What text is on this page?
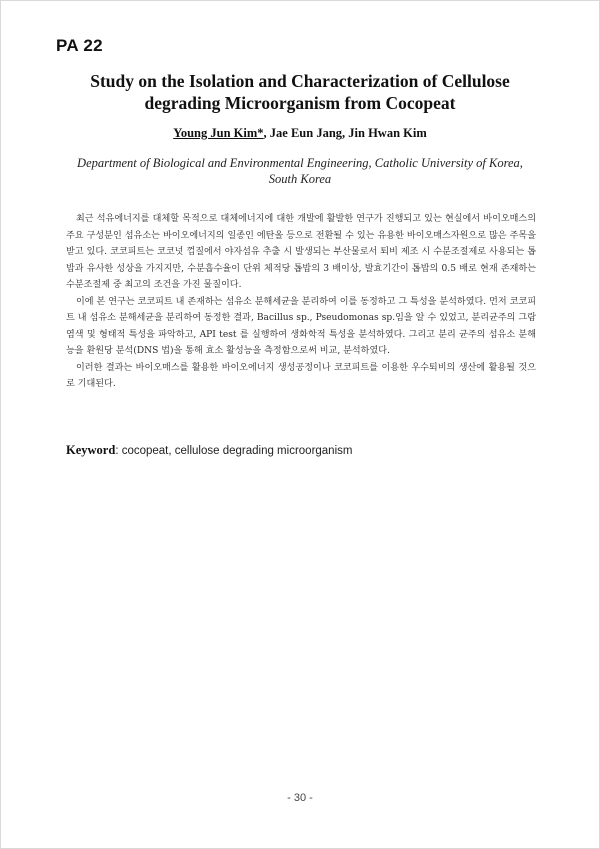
PA 22
Study on the Isolation and Characterization of Cellulose degrading Microorganism from Cocopeat
Young Jun Kim*, Jae Eun Jang, Jin Hwan Kim
Department of Biological and Environmental Engineering, Catholic University of Korea, South Korea

최근 석유에너지를 대체할 목적으로 대체에너지에 대한 개발에 활발한 연구가 진행되고 있는 현실에서 바이오매스의 주요 구성분인 섬유소는 바이오에너지의 일종인 에탄올 등으로 전환될 수 있는 유용한 바이오매스자원으로 많은 주목을 받고 있다. 코코피트는 코코넛 껍질에서 야자섬유 추출 시 발생되는 부산물로서 퇴비 제조 시 수분조절제로 사용되는 톱밥과 유사한 성상을 가지지만, 수분흡수율이 단위 체적당 톱밥의 3 배이상, 발효기간이 톱밥의 0.5 배로 현재 존재하는 수분조절제 중 최고의 조건을 가진 물질이다.

이에 본 연구는 코코피트 내 존재하는 섬유소 분해세균을 분리하여 이를 동정하고 그 특성을 분석하였다. 먼저 코코피트 내 섬유소 분해세균을 분리하여 동정한 결과, Bacillus sp., Pseudomonas sp.임을 알 수 있었고, 분리균주의 그람염색 및 형태적 특성을 파악하고, API test 를 실행하여 생화학적 특성을 분석하였다. 그리고 분리 균주의 섬유소 분해능을 환원당 분석(DNS 법)을 통해 효소 활성능을 측정함으로써 비교, 분석하였다.

이러한 결과는 바이오매스를 활용한 바이오에너지 생성공정이나 코코피트를 이용한 우수퇴비의 생산에 활용될 것으로 기대된다.

Keyword: cocopeat, cellulose degrading microorganism
- 30 -
